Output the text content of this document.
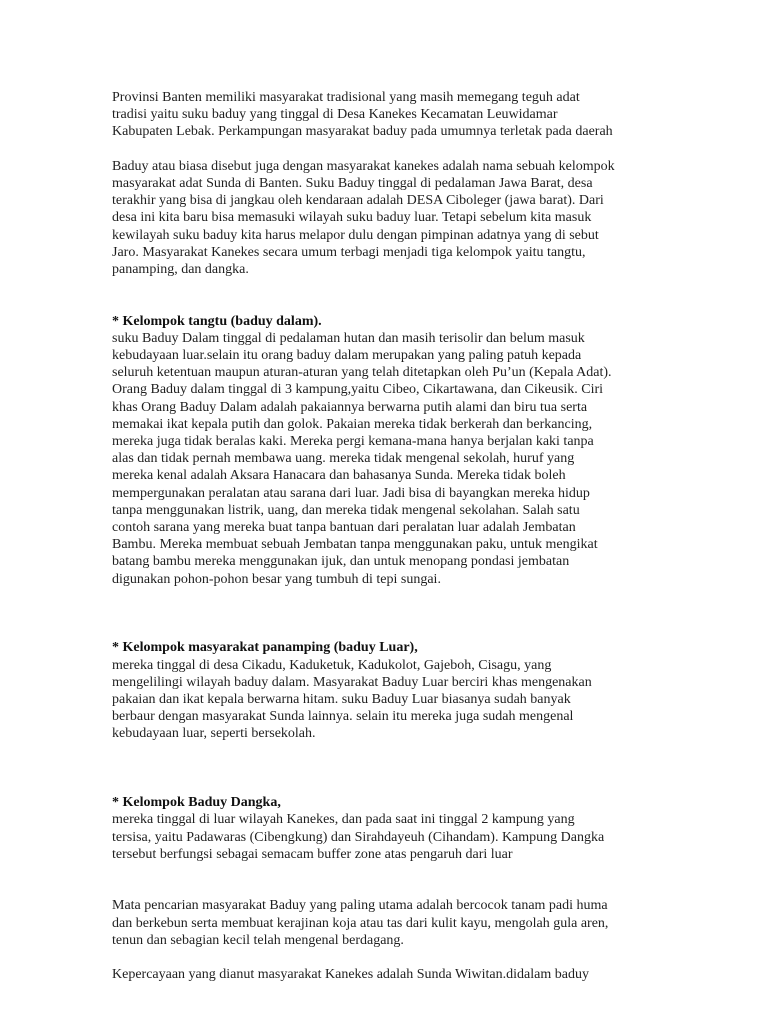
Provinsi Banten memiliki masyarakat tradisional yang masih memegang teguh adat
tradisi yaitu suku baduy yang tinggal di Desa Kanekes Kecamatan Leuwidamar
Kabupaten Lebak. Perkampungan masyarakat baduy pada umumnya terletak pada daerah

Baduy atau biasa disebut juga dengan masyarakat kanekes adalah nama sebuah kelompok
masyarakat adat Sunda di Banten. Suku Baduy tinggal di pedalaman Jawa Barat, desa
terakhir yang bisa di jangkau oleh kendaraan adalah DESA Ciboleger (jawa barat). Dari
desa ini kita baru bisa memasuki wilayah suku baduy luar. Tetapi sebelum kita masuk
kewilayah suku baduy kita harus melapor dulu dengan pimpinan adatnya yang di sebut
Jaro. Masyarakat Kanekes secara umum terbagi menjadi tiga kelompok yaitu tangtu,
panamping, dan dangka.

* Kelompok tangtu (baduy dalam).
suku Baduy Dalam tinggal di pedalaman hutan dan masih terisolir dan belum masuk
kebudayaan luar.selain itu orang baduy dalam merupakan yang paling patuh kepada
seluruh ketentuan maupun aturan-aturan yang telah ditetapkan oleh Pu’un (Kepala Adat).
Orang Baduy dalam tinggal di 3 kampung,yaitu Cibeo, Cikartawana, dan Cikeusik. Ciri
khas Orang Baduy Dalam adalah pakaiannya berwarna putih alami dan biru tua serta
memakai ikat kepala putih dan golok. Pakaian mereka tidak berkerah dan berkancing,
mereka juga tidak beralas kaki. Mereka pergi kemana-mana hanya berjalan kaki tanpa
alas dan tidak pernah membawa uang. mereka tidak mengenal sekolah, huruf yang
mereka kenal adalah Aksara Hanacara dan bahasanya Sunda. Mereka tidak boleh
mempergunakan peralatan atau sarana dari luar. Jadi bisa di bayangkan mereka hidup
tanpa menggunakan listrik, uang, dan mereka tidak mengenal sekolahan. Salah satu
contoh sarana yang mereka buat tanpa bantuan dari peralatan luar adalah Jembatan
Bambu. Mereka membuat sebuah Jembatan tanpa menggunakan paku, untuk mengikat
batang bambu mereka menggunakan ijuk, dan untuk menopang pondasi jembatan
digunakan pohon-pohon besar yang tumbuh di tepi sungai.

* Kelompok masyarakat panamping (baduy Luar),
mereka tinggal di desa Cikadu, Kaduketuk, Kadukolot, Gajeboh, Cisagu, yang
mengelilingi wilayah baduy dalam. Masyarakat Baduy Luar berciri khas mengenakan
pakaian dan ikat kepala berwarna hitam. suku Baduy Luar biasanya sudah banyak
berbaur dengan masyarakat Sunda lainnya. selain itu mereka juga sudah mengenal
kebudayaan luar, seperti bersekolah.

* Kelompok Baduy Dangka,
mereka tinggal di luar wilayah Kanekes, dan pada saat ini tinggal 2 kampung yang
tersisa, yaitu Padawaras (Cibengkung) dan Sirahdayeuh (Cihandam). Kampung Dangka
tersebut berfungsi sebagai semacam buffer zone atas pengaruh dari luar

Mata pencarian masyarakat Baduy yang paling utama adalah bercocok tanam padi huma
dan berkebun serta membuat kerajinan koja atau tas dari kulit kayu, mengolah gula aren,
tenun dan sebagian kecil telah mengenal berdagang.

Kepercayaan yang dianut masyarakat Kanekes adalah Sunda Wiwitan.didalam baduy
